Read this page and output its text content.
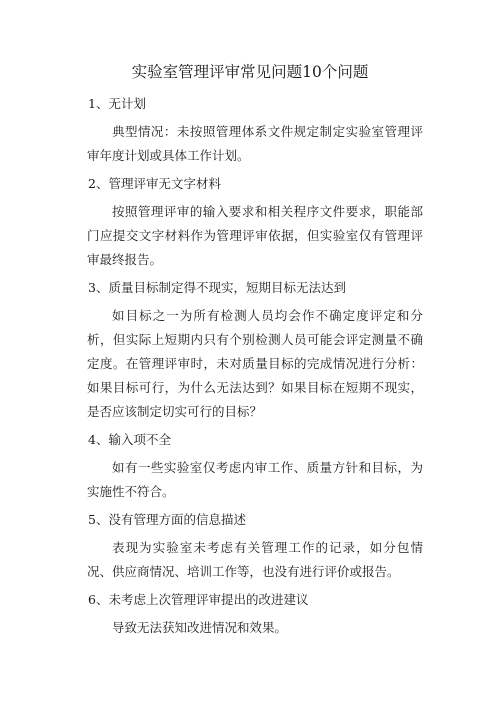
实验室管理评审常见问题10个问题

1、无计划

典型情况：未按照管理体系文件规定制定实验室管理评审年度计划或具体工作计划。

2、管理评审无文字材料

按照管理评审的输入要求和相关程序文件要求，职能部门应提交文字材料作为管理评审依据，但实验室仅有管理评审最终报告。

3、质量目标制定得不现实，短期目标无法达到

如目标之一为所有检测人员均会作不确定度评定和分析，但实际上短期内只有个别检测人员可能会评定测量不确定度。在管理评审时，未对质量目标的完成情况进行分析：如果目标可行，为什么无法达到？如果目标在短期不现实，是否应该制定切实可行的目标？

4、输入项不全

如有一些实验室仅考虑内审工作、质量方针和目标，为实施性不符合。

5、没有管理方面的信息描述

表现为实验室未考虑有关管理工作的记录，如分包情况、供应商情况、培训工作等，也没有进行评价或报告。

6、未考虑上次管理评审提出的改进建议

导致无法获知改进情况和效果。
